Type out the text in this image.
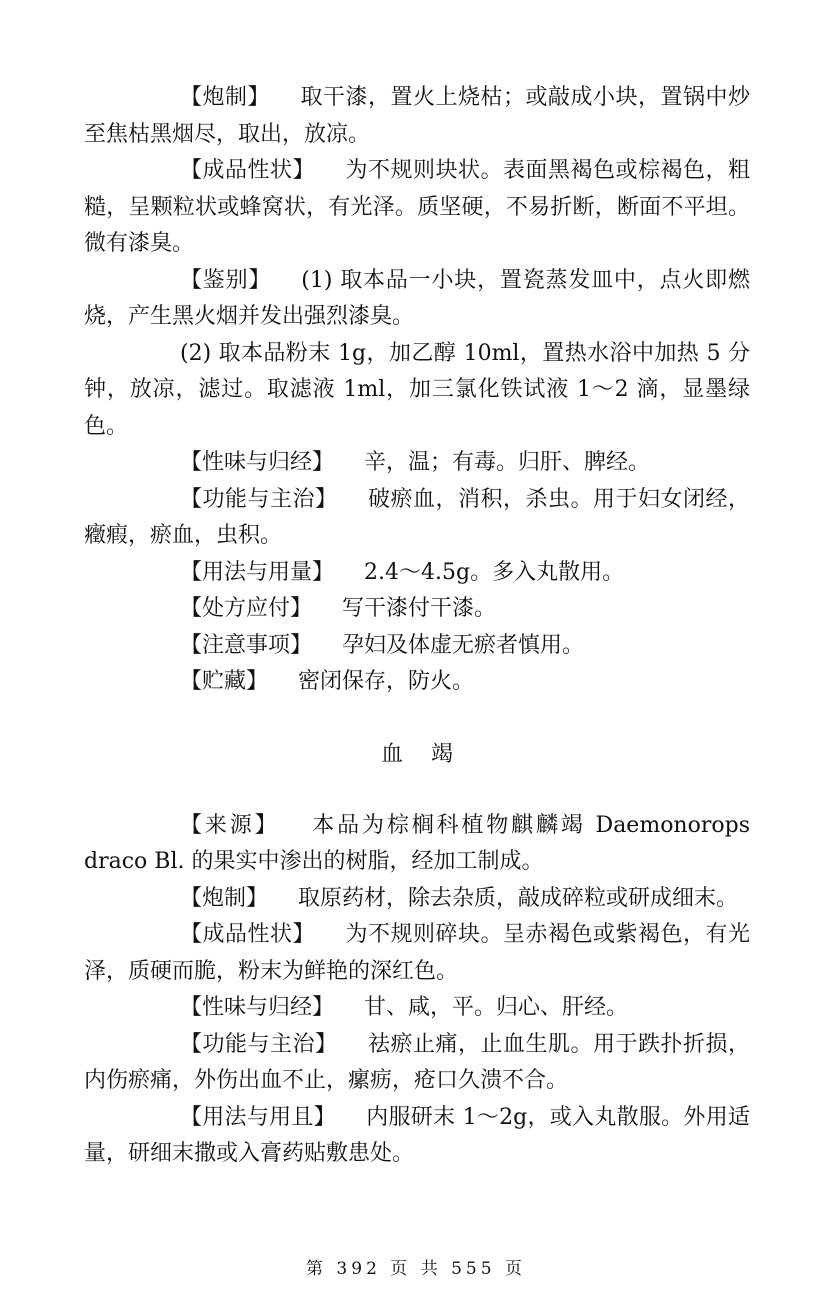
【炮制】 取干漆，置火上烧枯；或敲成小块，置锅中炒至焦枯黑烟尽，取出，放凉。

【成品性状】 为不规则块状。表面黑褐色或棕褐色，粗糙，呈颗粒状或蜂窝状，有光泽。质坚硬，不易折断，断面不平坦。微有漆臭。

【鉴别】 (1) 取本品一小块，置瓷蒸发皿中，点火即燃烧，产生黑火烟并发出强烈漆臭。

(2) 取本品粉末 1g，加乙醇 10ml，置热水浴中加热 5 分钟，放凉，滤过。取滤液 1ml，加三氯化铁试液 1～2 滴，显墨绿色。

【性味与归经】 辛，温；有毒。归肝、脾经。

【功能与主治】 破瘀血，消积，杀虫。用于妇女闭经，癥瘕，瘀血，虫积。

【用法与用量】 2.4～4.5g。多入丸散用。

【处方应付】 写干漆付干漆。

【注意事项】 孕妇及体虚无瘀者慎用。

【贮藏】 密闭保存，防火。

血竭

【来源】 本品为棕榈科植物麒麟竭 Daemonorops draco Bl. 的果实中渗出的树脂，经加工制成。

【炮制】 取原药材，除去杂质，敲成碎粒或研成细末。

【成品性状】 为不规则碎块。呈赤褐色或紫褐色，有光泽，质硬而脆，粉末为鲜艳的深红色。

【性味与归经】 甘、咸，平。归心、肝经。

【功能与主治】 祛瘀止痛，止血生肌。用于跌扑折损，内伤瘀痛，外伤出血不止，瘰疬，疮口久溃不合。

【用法与用且】 内服研末 1～2g，或入丸散服。外用适量，研细末撒或入膏药贴敷患处。

第 392 页 共 555 页
